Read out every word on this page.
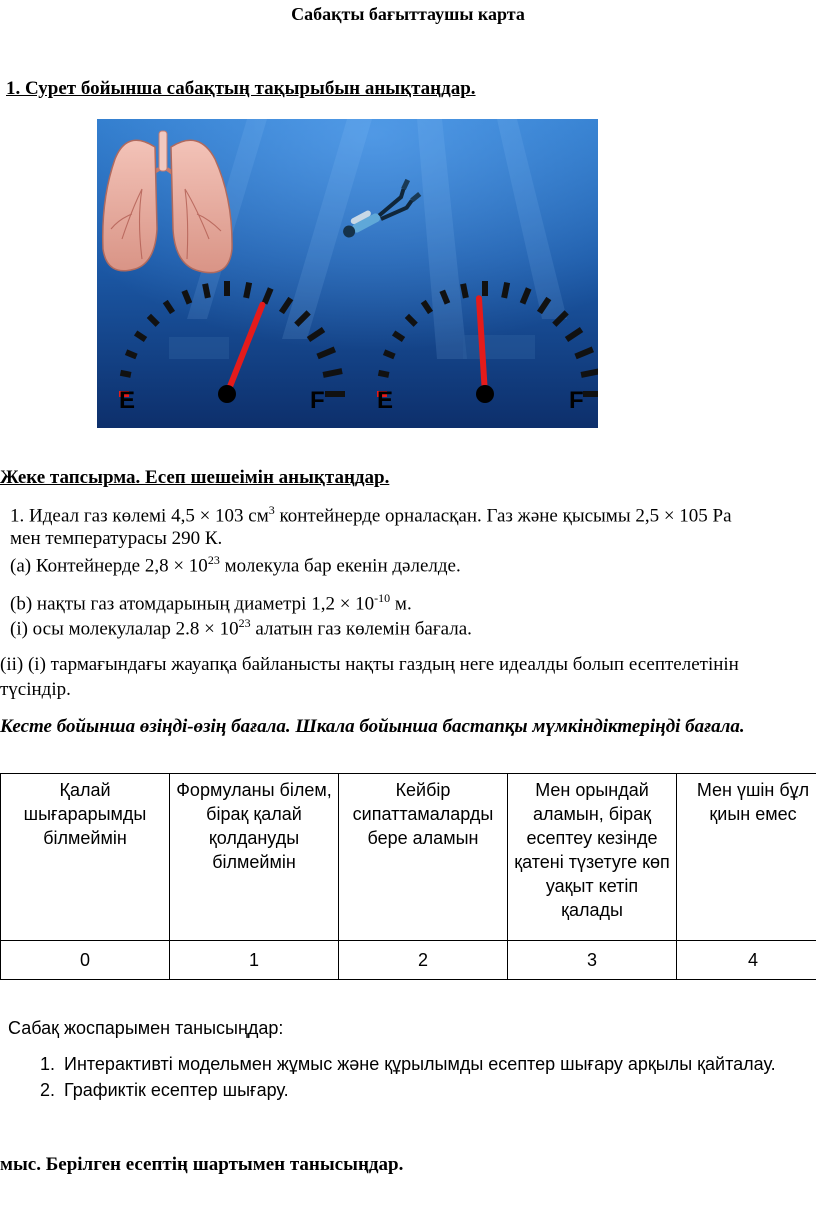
Сабақты бағыттаушы карта
1. Сурет бойынша сабақтың тақырыбын анықтаңдар.
E	F E	F
Жеке тапсырма. Есеп шешеімін анықтаңдар.
1. Идеал газ көлемі 4,5 × 103 $см^3$ контейнерде орналасқан. Газ және қысымы 2,5 × 105 Pa
мен температурасы 290 К.
(a) Контейнерде $2,8 \times 10^{23}$ молекула бар екенін дәлелде.
(b) нақты газ атомдарының диаметрі $1,2 \times 10^{-10}$ м.
(i) осы молекулалар $2.8 \times 10^{23}$ алатын газ көлемін бағала.
(ii) (i) тармағындағы жауапқа байланысты нақты газдың неге идеалды болып есептелетінін
түсіндір.
Кесте бойынша өзіңді-өзің бағала. Шкала бойынша бастапқы мүмкіндіктеріңді бағала.
Қалай шығарарымды білмеймін	Формуланы білем, бірақ қалай қолдануды білмеймін	Кейбір сипаттамаларды бере аламын	Мен орындай аламын, бірақ есептеу кезінде қатені түзетуге көп уақыт кетіп қалады	Мен үшін бұл қиын емес
0	1	2	3	4
Сабақ жоспарымен танысыңдар:
1. Интерактивті модельмен жұмыс және құрылымды есептер шығару арқылы қайталау.
2. Графиктік есептер шығару.
мыс. Берілген есептің шартымен танысыңдар.
